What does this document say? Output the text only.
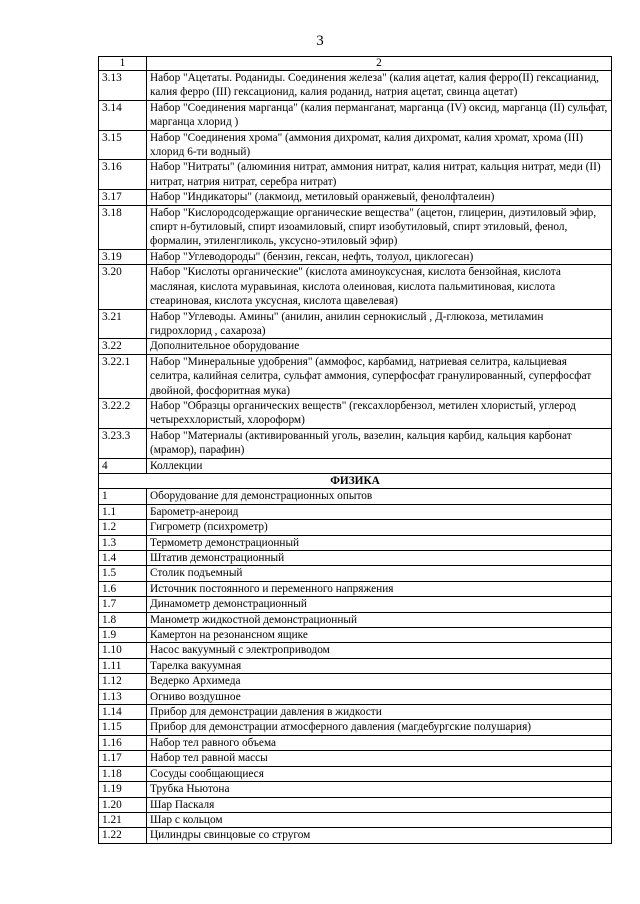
3
1	2
3.13	Набор "Ацетаты. Роданиды. Соединения железа" (калия ацетат, калия ферро(II) гексацианид, калия ферро (III) гексационид, калия роданид, натрия ацетат, свинца ацетат)
3.14	Набор "Соединения марганца" (калия перманганат, марганца (IV) оксид, марганца (II) сульфат, марганца хлорид )
3.15	Набор "Соединения хрома" (аммония дихромат, калия дихромат, калия хромат, хрома (III) хлорид 6-ти водный)
3.16	Набор "Нитраты" (алюминия нитрат, аммония нитрат, калия нитрат, кальция нитрат, меди (II) нитрат, натрия нитрат, серебра нитрат)
3.17	Набор "Индикаторы" (лакмоид, метиловый оранжевый, фенолфталеин)
3.18	Набор "Кислородсодержащие органические вещества" (ацетон, глицерин, диэтиловый эфир, спирт н-бутиловый, спирт изоамиловый, спирт изобутиловый, спирт этиловый, фенол, формалин, этиленгликоль, уксусно-этиловый эфир)
3.19	Набор "Углеводороды" (бензин, гексан, нефть, толуол, циклогесан)
3.20	Набор "Кислоты органические" (кислота аминоуксусная, кислота бензойная, кислота масляная, кислота муравьиная, кислота олеиновая, кислота пальмитиновая, кислота стеариновая, кислота уксусная, кислота щавелевая)
3.21	Набор "Углеводы. Амины" (анилин, анилин сернокислый , Д-глюкоза, метиламин гидрохлорид , сахароза)
3.22	Дополнительное оборудование
3.22.1	Набор "Минеральные удобрения" (аммофос, карбамид, натриевая селитра, кальциевая селитра, калийная селитра, сульфат аммония, суперфосфат гранулированный, суперфосфат двойной, фосфоритная мука)
3.22.2	Набор "Образцы органических веществ" (гексахлорбензол, метилен хлористый, углерод четыреххлористый, хлороформ)
3.23.3	Набор "Материалы (активированный уголь, вазелин, кальция карбид, кальция карбонат (мрамор), парафин)
4	Коллекции
ФИЗИКА	
1	Оборудование для демонстрационных опытов
1.1	Барометр-анероид
1.2	Гигрометр (психрометр)
1.3	Термометр демонстрационный
1.4	Штатив демонстрационный
1.5	Столик подъемный
1.6	Источник постоянного и переменного напряжения
1.7	Динамометр демонстрационный
1.8	Манометр жидкостной демонстрационный
1.9	Камертон на резонансном ящике
1.10	Насос вакуумный с электроприводом
1.11	Тарелка вакуумная
1.12	Ведерко Архимеда
1.13	Огниво воздушное
1.14	Прибор для демонстрации давления в жидкости
1.15	Прибор для демонстрации атмосферного давления (магдебургские полушария)
1.16	Набор тел равного объема
1.17	Набор тел равной массы
1.18	Сосуды сообщающиеся
1.19	Трубка Ньютона
1.20	Шар Паскаля
1.21	Шар с кольцом
1.22	Цилиндры свинцовые со стругом
